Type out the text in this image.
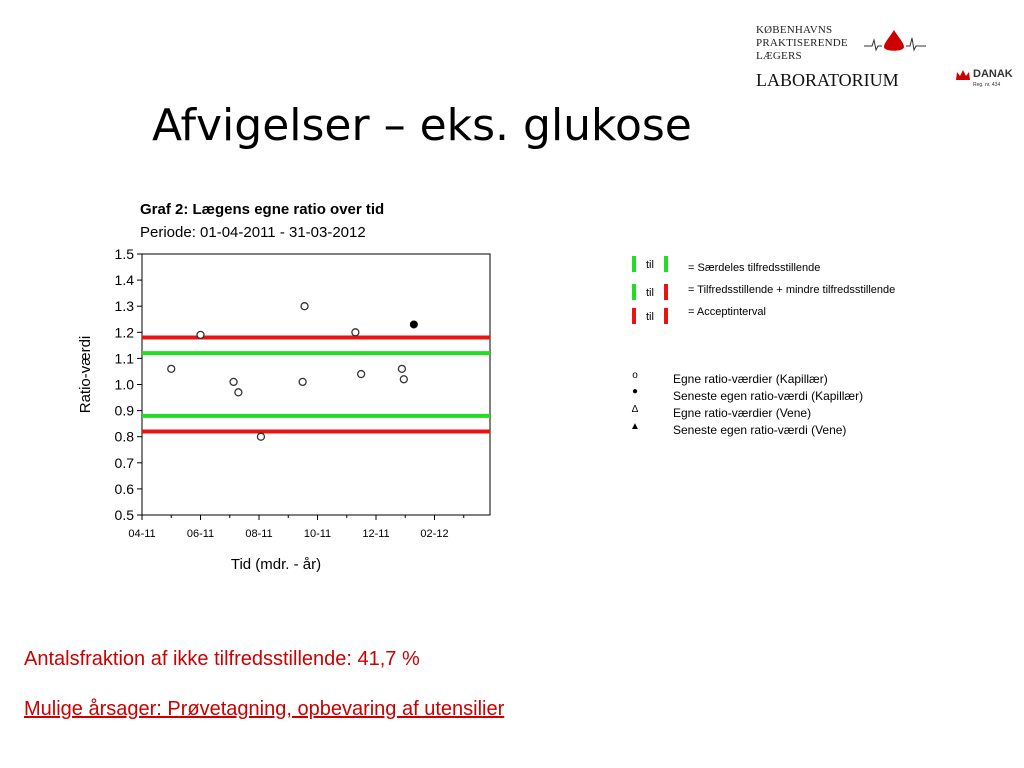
KØBENHAVNS
PRAKTISERENDE
LÆGERS
LABORATORIUM	DANAK
Reg. nr. 434
Afvigelser – eks. glukose
Graf 2: Lægens egne ratio over tid
Periode: 01-04-2011 - 31-03-2012
1.5
1.4
1.3
1.2
1.1
1.0
0.9
0.8
0.7
0.6
0.5
04-11	06-11	08-11	10-11	12-11	02-12
Tid (mdr. - år)
Ratio-værdi
til	= Særdeles tilfredsstillende
til	= Tilfredsstillende + mindre tilfredsstillende
til	= Acceptinterval
o	Egne ratio-værdier (Kapillær)
●	Seneste egen ratio-værdi (Kapillær)
Δ	Egne ratio-værdier (Vene)
▲	Seneste egen ratio-værdi (Vene)
Antalsfraktion af ikke tilfredsstillende: 41,7 %
Mulige årsager: Prøvetagning, opbevaring af utensilier
